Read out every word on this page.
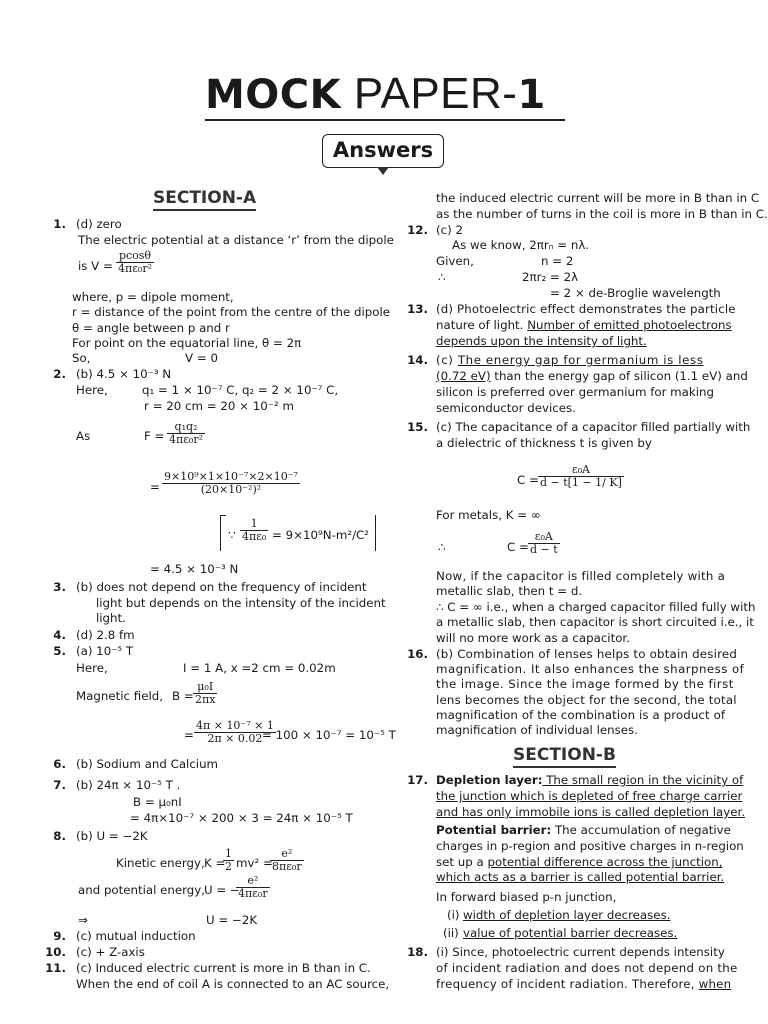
MOCK PAPER-1
Answers
SECTION-A
1. (d) zero
The electric potential at a distance ‘r’ from the dipole
is $V = \frac{pcos\theta}{\text{4πε₀r²}}$
where, p = dipole moment,
r = distance of the point from the centre of the dipole
θ = angle between p and r
For point on the equatorial line, θ = 2π
So,	V = 0
2. (b) 4.5 × 10⁻³ N
Here,	q₁ = 1 × 10⁻⁷ C, q₂ = 2 × 10⁻⁷ C,
r = 20 cm = 20 × 10⁻² m
As	$F = \frac{\text{q₁q₂}}{\text{4πε₀r²}}$
= $\frac{\text{9×10⁹×1×10⁻⁷×2×10⁻⁷}}{\text{(20×10⁻²)²}}$
∵ $\frac{1}{\text{4πε₀}} = 9\times 10^9N-m^2/C^2$
= 4.5 × 10⁻³ N
3. (b) does not depend on the frequency of incident
light but depends on the intensity of the incident
light.
4. (d) 2.8 fm
5. (a) 10⁻⁵ T
Here,	I = 1 A, x =2 cm = 0.02m
Magnetic field, $B = \frac{\text{μ₀I}}{2\pi x}$
= $\frac{\text{4π × 10⁻⁷ × 1}}{2\pi \times 0.02}$
= 100 × 10⁻⁷ = 10⁻⁵ T
6. (b) Sodium and Calcium
7. (b) 24π × 10⁻⁵ T .
B = μ₀nI
= 4π×10⁻⁷ × 200 × 3 = 24π × 10⁻⁵ T
8. (b) U = −2K
Kinetic energy, K =
$\frac{1}{2} mv^2$ =
$\frac{\text{e²}}{\text{8πε₀r}}$
and potential energy,
U = −
$\frac{\text{e²}}{\text{4πε₀r}}$
⇒	U = −2K
9. (c) mutual induction
10. (c) + Z-axis
11. (c) Induced electric current is more in B than in C.
When the end of coil A is connected to an AC source,
the induced electric current will be more in B than in C
as the number of turns in the coil is more in B than in C.
12. (c) 2
As we know, 2πrₙ = nλ.
Given,	n = 2
∴	2πr₂ = 2λ
= 2 × de-Broglie wavelength
13. (d) Photoelectric effect demonstrates the particle
nature of light. Number of emitted photoelectrons
depends upon the intensity of light.
14. (c) The energy gap for germanium is less
(0.72 eV) than the energy gap of silicon (1.1 eV) and
silicon is preferred over germanium for making
semiconductor devices.
15. (c) The capacitance of a capacitor filled partially with
a dielectric of thickness t is given by
$C = \frac{\text{ε₀A}}{d - t[1 - 1/ K]}$
For metals, K = ∞
∴	$C = \frac{\text{ε₀A}}{d - t}$
Now, if the capacitor is filled completely with a
metallic slab, then t = d.
∴ C = ∞ i.e., when a charged capacitor filled fully with
a metallic slab, then capacitor is short circuited i.e., it
will no more work as a capacitor.
16. (b) Combination of lenses helps to obtain desired
magnification. It also enhances the sharpness of
the image. Since the image formed by the first
lens becomes the object for the second, the total
magnification of the combination is a product of
magnification of individual lenses.
SECTION-B
17. Depletion layer: The small region in the vicinity of
the junction which is depleted of free charge carrier
and has only immobile ions is called depletion layer.
Potential barrier: The accumulation of negative
charges in p-region and positive charges in n-region
set up a potential difference across the junction,
which acts as a barrier is called potential barrier.
In forward biased p-n junction,
(i) width of depletion layer decreases.
(ii) value of potential barrier decreases.
18. (i) Since, photoelectric current depends intensity
of incident radiation and does not depend on the
frequency of incident radiation. Therefore, when
